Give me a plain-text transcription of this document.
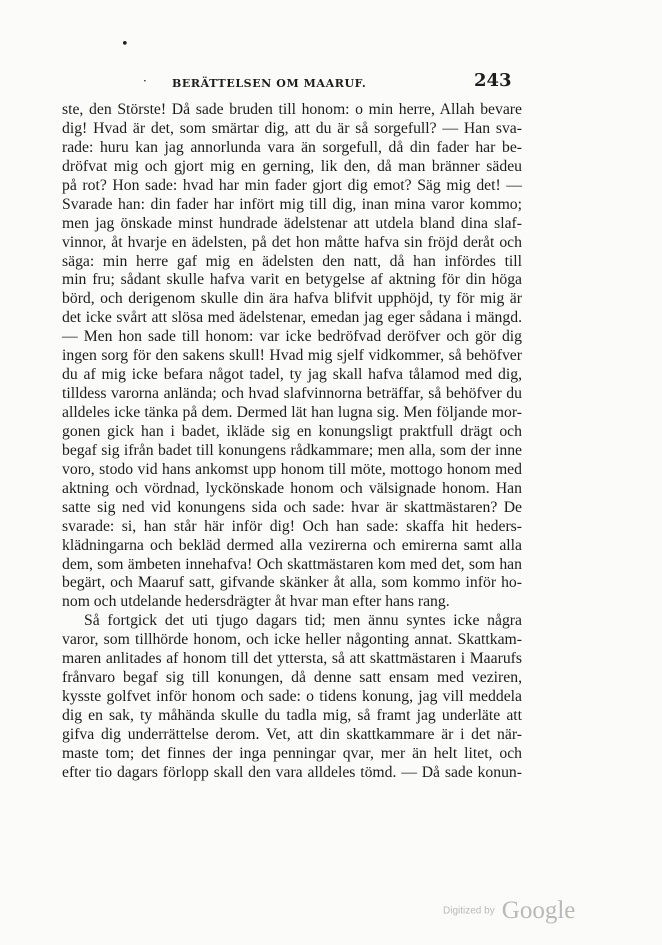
•
· BERÄTTELSEN OM MAARUF.	243
ste, den Störste! Då sade bruden till honom: o min herre, Allah bevare
dig! Hvad är det, som smärtar dig, att du är så sorgefull? — Han sva-
rade: huru kan jag annorlunda vara än sorgefull, då din fader har be-
dröfvat mig och gjort mig en gerning, lik den, då man bränner sädeu
på rot? Hon sade: hvad har min fader gjort dig emot? Säg mig det! —
Svarade han: din fader har infört mig till dig, inan mina varor kommo;
men jag önskade minst hundrade ädelstenar att utdela bland dina slaf-
vinnor, åt hvarje en ädelsten, på det hon måtte hafva sin fröjd deråt och
säga: min herre gaf mig en ädelsten den natt, då han infördes till
min fru; sådant skulle hafva varit en betygelse af aktning för din höga
börd, och derigenom skulle din ära hafva blifvit upphöjd, ty för mig är
det icke svårt att slösa med ädelstenar, emedan jag eger sådana i mängd.
— Men hon sade till honom: var icke bedröfvad deröfver och gör dig
ingen sorg för den sakens skull! Hvad mig sjelf vidkommer, så behöfver
du af mig icke befara något tadel, ty jag skall hafva tålamod med dig,
tilldess varorna anlända; och hvad slafvinnorna beträffar, så behöfver du
alldeles icke tänka på dem. Dermed lät han lugna sig. Men följande mor-
gonen gick han i badet, ikläde sig en konungsligt praktfull drägt och
begaf sig ifrån badet till konungens rådkammare; men alla, som der inne
voro, stodo vid hans ankomst upp honom till möte, mottogo honom med
aktning och vördnad, lyckönskade honom och välsignade honom. Han
satte sig ned vid konungens sida och sade: hvar är skattmästaren? De
svarade: si, han står här inför dig! Och han sade: skaffa hit heders-
klädningarna och bekläd dermed alla vezirerna och emirerna samt alla
dem, som ämbeten innehafva! Och skattmästaren kom med det, som han
begärt, och Maaruf satt, gifvande skänker åt alla, som kommo inför ho-
nom och utdelande hedersdrägter åt hvar man efter hans rang.
Så fortgick det uti tjugo dagars tid; men ännu syntes icke några
varor, som tillhörde honom, och icke heller någonting annat. Skattkam-
maren anlitades af honom till det yttersta, så att skattmästaren i Maarufs
frånvaro begaf sig till konungen, då denne satt ensam med veziren,
kysste golfvet inför honom och sade: o tidens konung, jag vill meddela
dig en sak, ty måhända skulle du tadla mig, så framt jag underläte att
gifva dig underrättelse derom. Vet, att din skattkammare är i det när-
maste tom; det finnes der inga penningar qvar, mer än helt litet, och
efter tio dagars förlopp skall den vara alldeles tömd. — Då sade konun-
Digitized by Google
